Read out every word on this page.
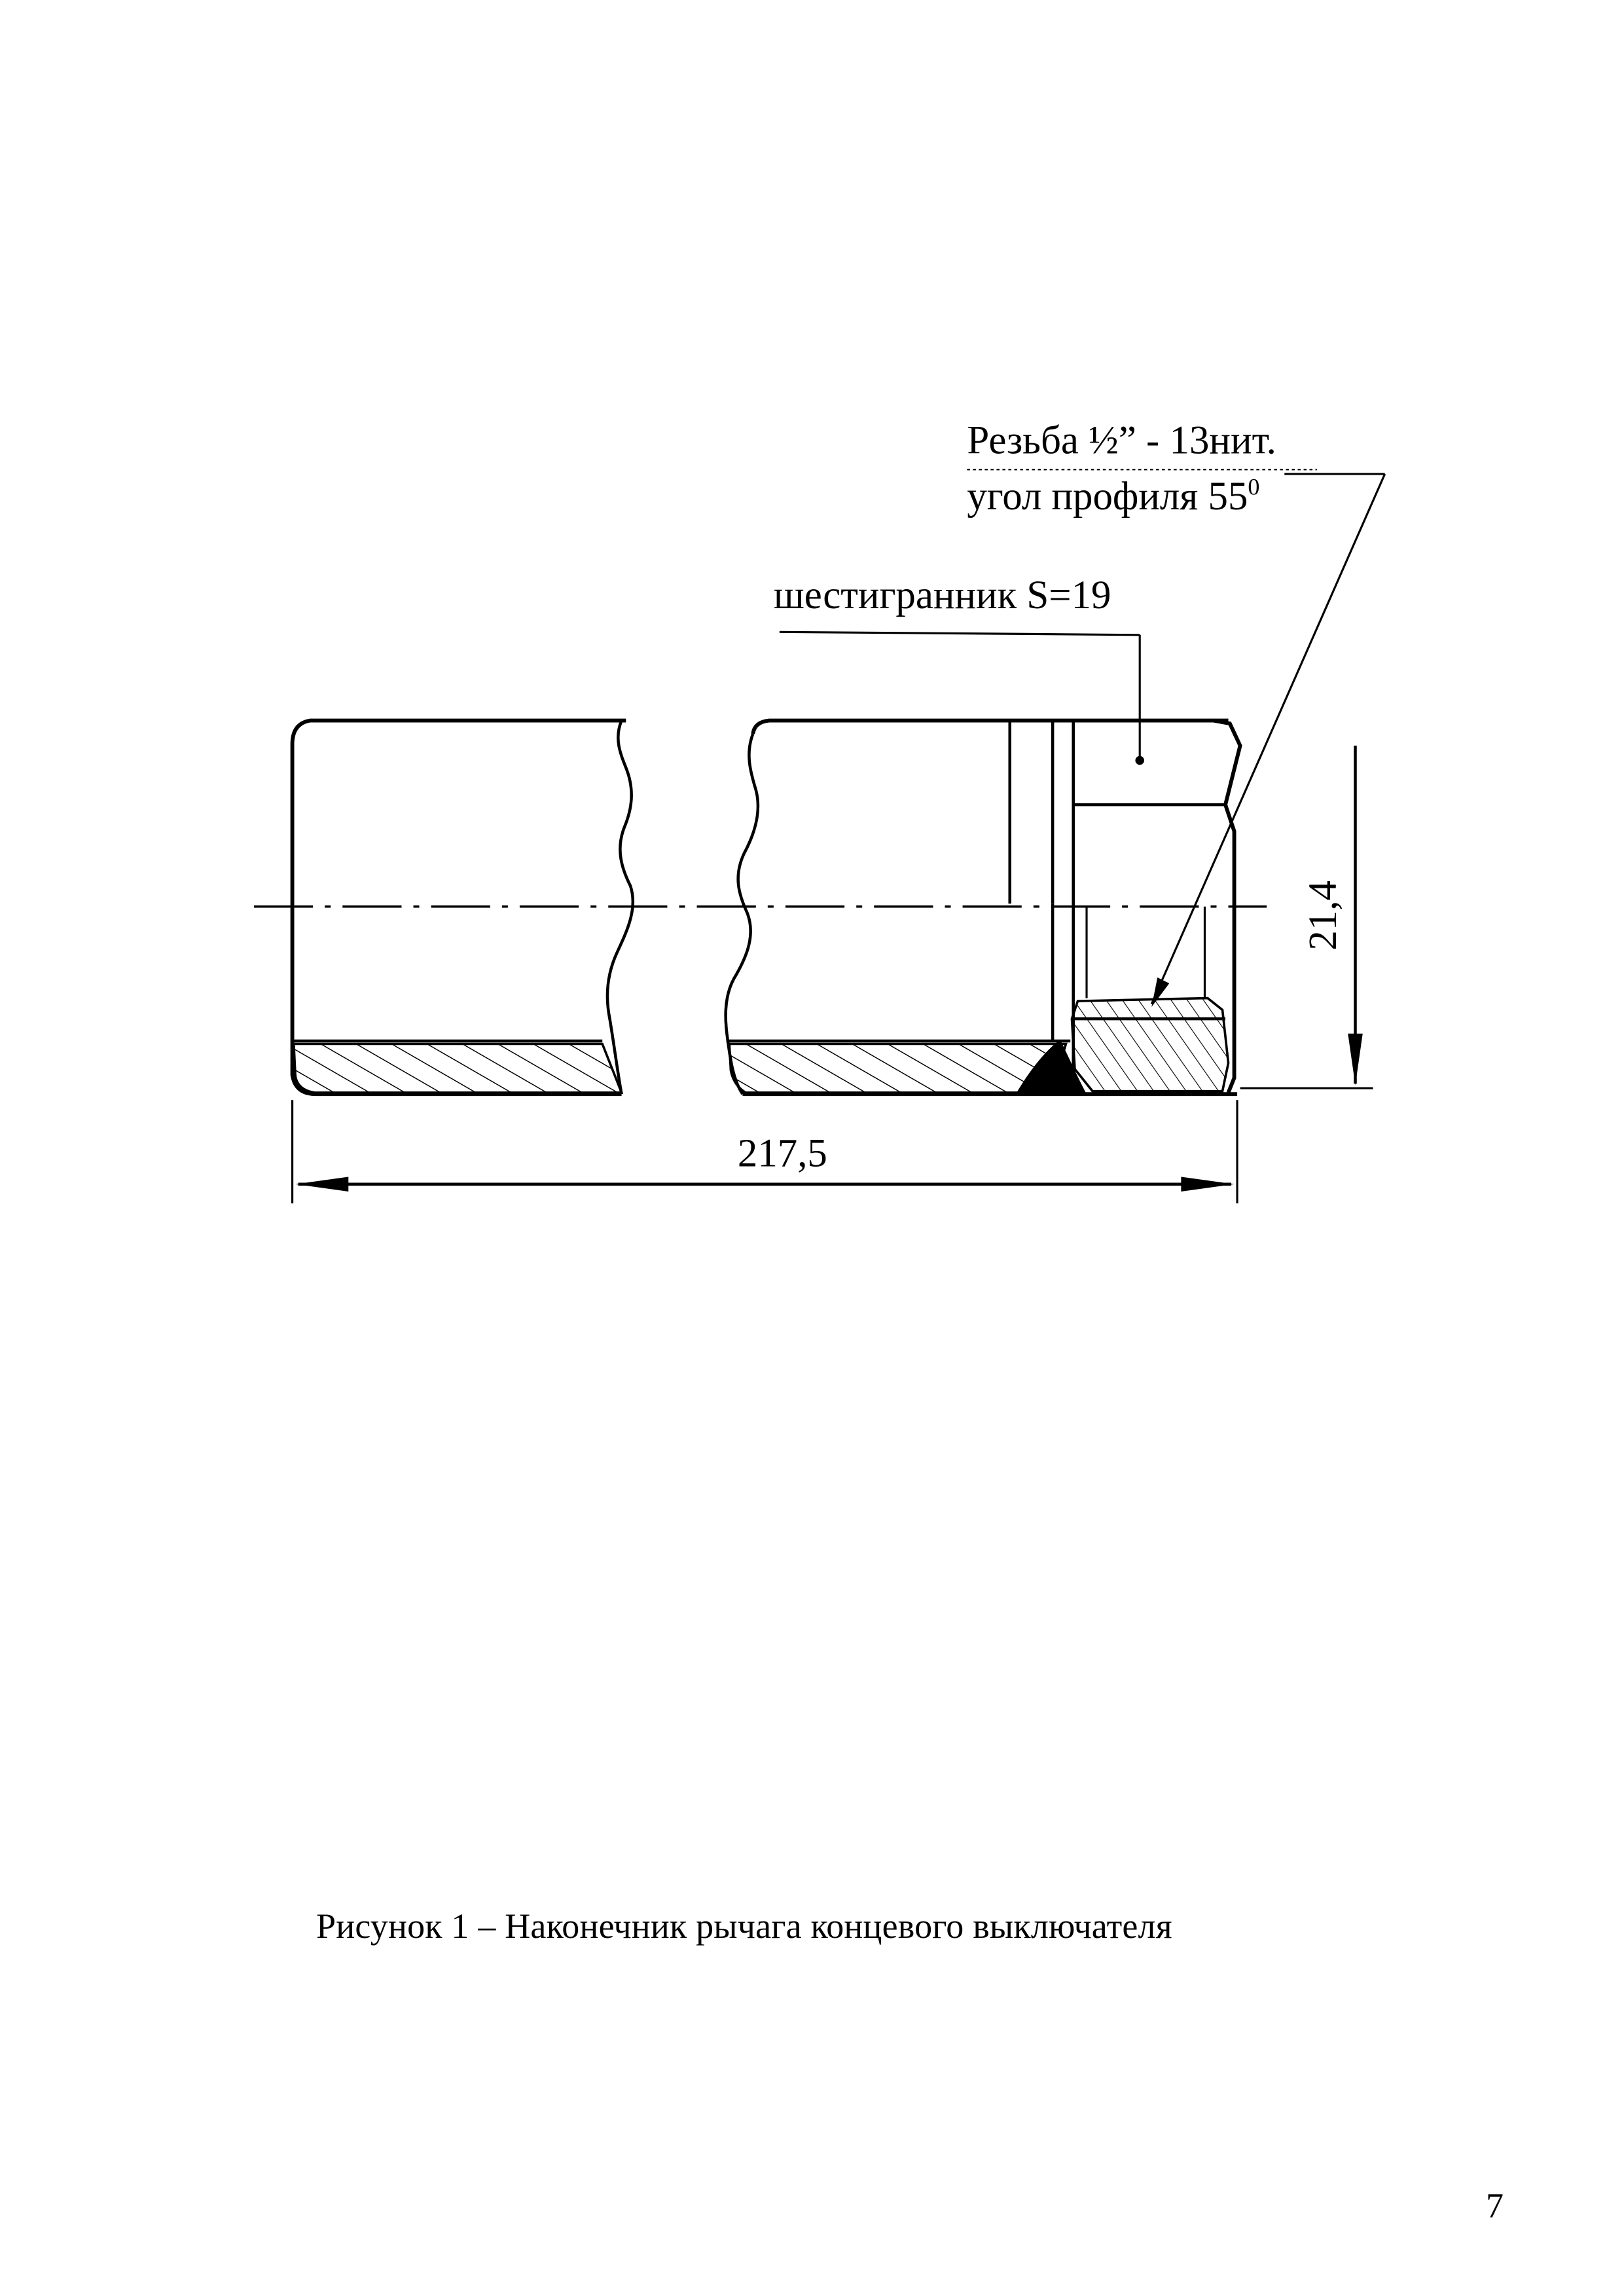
217,5
21,4
шестигранник S=19
Резьба ½” - 13нит.
угол профиля $55^0$
Рисунок 1 – Наконечник рычага концевого выключателя
7
